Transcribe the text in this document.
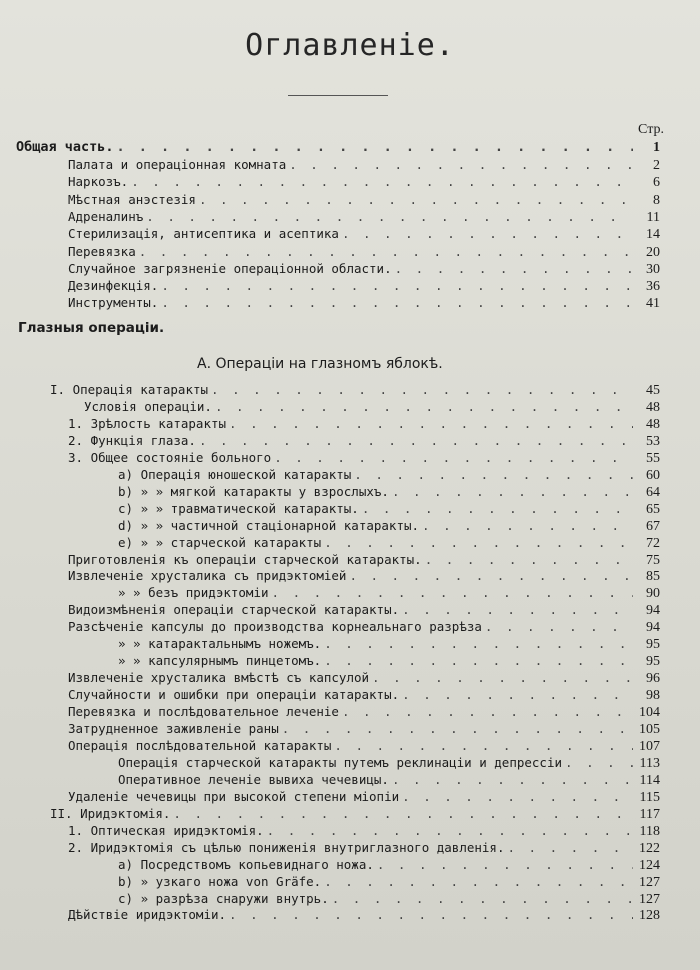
Оглавленіе.
Стр.
Общая часть. . . .	1
Палата и операціонная комната . . .	2
Наркозъ. . . .	6
Мѣстная анэстезія . . .	8
Адреналинъ . . .	11
Стерилизація, антисептика и асептика . . .	14
Перевязка . . .	20
Случайное загрязненіе операціонной области. . . .	30
Дезинфекція. . . .	36
Инструменты. . . .	41
Глазныя операціи.
А. Операціи на глазномъ яблокѣ.
I. Операція катаракты . . .	45
Условія операціи. . . .	48
1. Зрѣлость катаракты . . .	48
2. Функція глаза. . . .	53
3. Общее состояніе больного . . .	55
a) Операція юношеской катаракты . . .	60
b) » » мягкой катаракты у взрослыхъ. . . .	64
c) » » травматической катаракты. . . .	65
d) » » частичной стаціонарной катаракты. . . .	67
e) » » старческой катаракты . . .	72
Приготовленія къ операціи старческой катаракты. . . .	75
Извлеченіе хрусталика съ придэктоміей . . .	85
» » безъ придэктоміи . . .	90
Видоизмѣненія операціи старческой катаракты. . . .	94
Разсѣченіе капсулы до производства корнеальнаго разрѣза . . .	94
» » катарактальнымъ ножемъ. . . .	95
» » капсулярнымъ пинцетомъ. . . .	95
Извлеченіе хрусталика вмѣстѣ съ капсулой . . .	96
Случайности и ошибки при операціи катаракты. . . .	98
Перевязка и послѣдовательное леченіе . . .	104
Затрудненное заживленіе раны . . .	105
Операція послѣдовательной катаракты . . .	107
Операція старческой катаракты путемъ реклинаціи и депрессіи . . .	113
Оперативное леченіе вывиха чечевицы. . . .	114
Удаленіе чечевицы при высокой степени міопіи . . .	115
II. Иридэктомія. . . .	117
1. Оптическая иридэктомія. . . .	118
2. Иридэктомія съ цѣлью пониженія внутриглазного давленія. . . .	122
a) Посредствомъ копьевиднаго ножа. . . .	124
b) » узкаго ножа von Gräfe. . . .	127
c) » разрѣза снаружи внутрь. . . .	127
Дѣйствіе иридэктоміи. . . .	128
